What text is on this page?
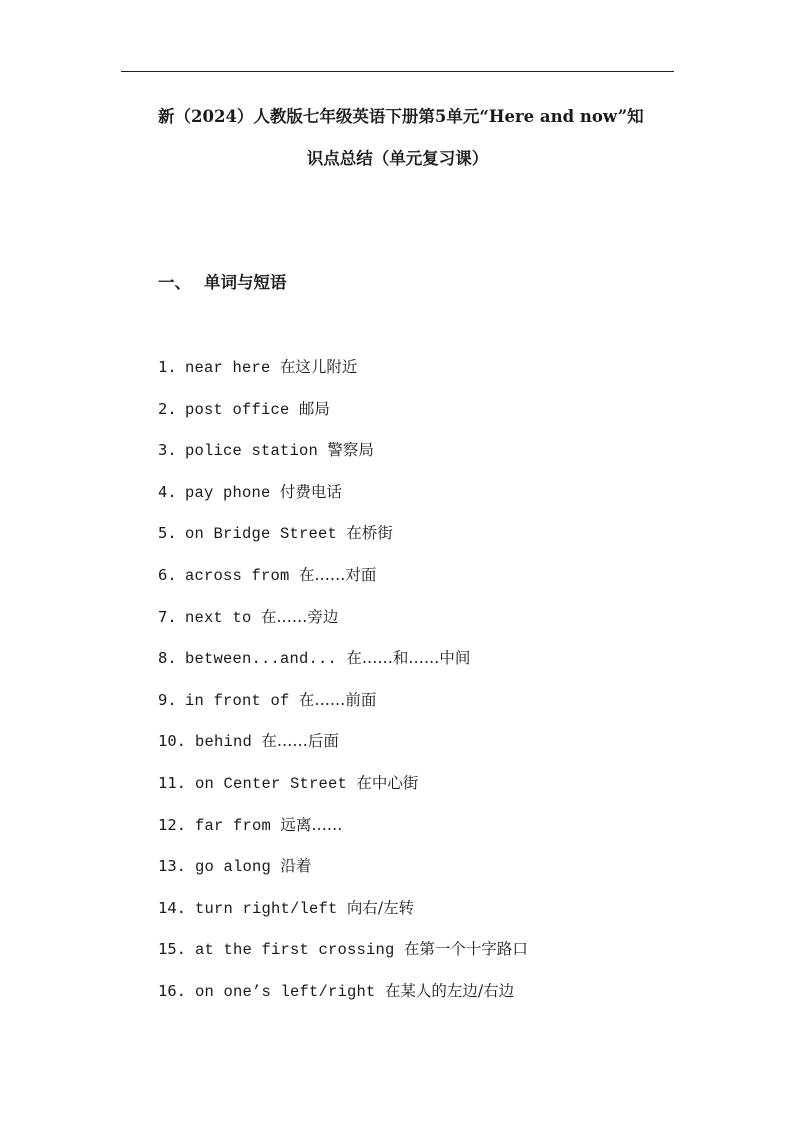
新（2024）人教版七年级英语下册第5单元“Here and now”知
识点总结（单元复习课）
一、 单词与短语
1. near here 在这儿附近
2. post office 邮局
3. police station 警察局
4. pay phone 付费电话
5. on Bridge Street 在桥街
6. across from 在……对面
7. next to 在……旁边
8. between...and... 在……和……中间
9. in front of 在……前面
10. behind 在……后面
11. on Center Street 在中心街
12. far from 远离……
13. go along 沿着
14. turn right/left 向右/左转
15. at the first crossing 在第一个十字路口
16. on one’s left/right 在某人的左边/右边
